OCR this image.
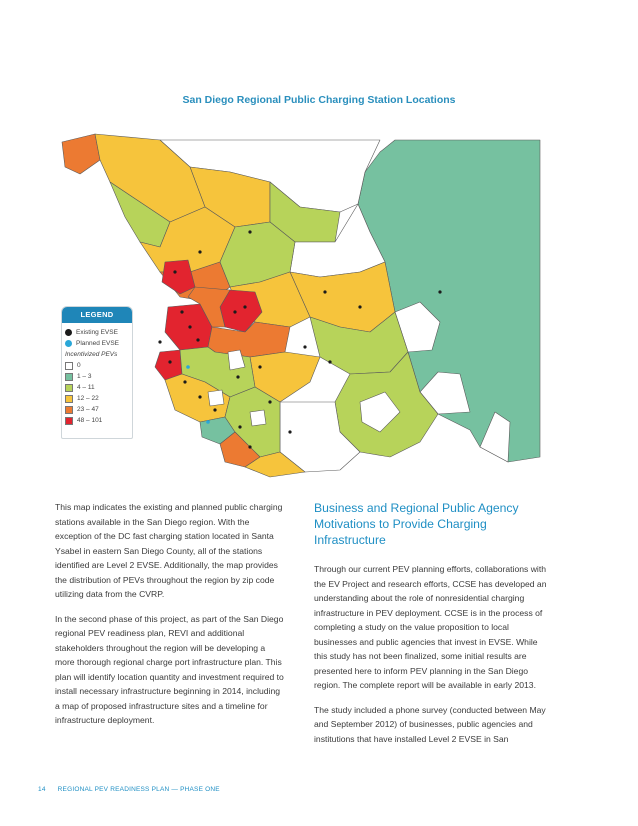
San Diego Regional Public Charging Station Locations
LEGEND
Existing EVSE
Planned EVSE
Incentivized PEVs
0
1 – 3
4 – 11
12 – 22
23 – 47
48 – 101

This map indicates the existing and planned public charging stations available in the San Diego region. With the exception of the DC fast charging station located in Santa Ysabel in eastern San Diego County, all of the stations identified are Level 2 EVSE. Additionally, the map provides the distribution of PEVs throughout the region by zip code utilizing data from the CVRP.

In the second phase of this project, as part of the San Diego regional PEV readiness plan, REVI and additional stakeholders throughout the region will be developing a more thorough regional charge port infrastructure plan. This plan will identify location quantity and investment required to install necessary infrastructure beginning in 2014, including a map of proposed infrastructure sites and a timeline for infrastructure deployment.

Business and Regional Public Agency Motivations to Provide Charging Infrastructure

Through our current PEV planning efforts, collaborations with the EV Project and research efforts, CCSE has developed an understanding about the role of nonresidential charging infrastructure in PEV deployment. CCSE is in the process of completing a study on the value proposition to local businesses and public agencies that invest in EVSE. While this study has not been finalized, some initial results are presented here to inform PEV planning in the San Diego region. The complete report will be available in early 2013.

The study included a phone survey (conducted between May and September 2012) of businesses, public agencies and institutions that have installed Level 2 EVSE in San

14 REGIONAL PEV READINESS PLAN — PHASE ONE
